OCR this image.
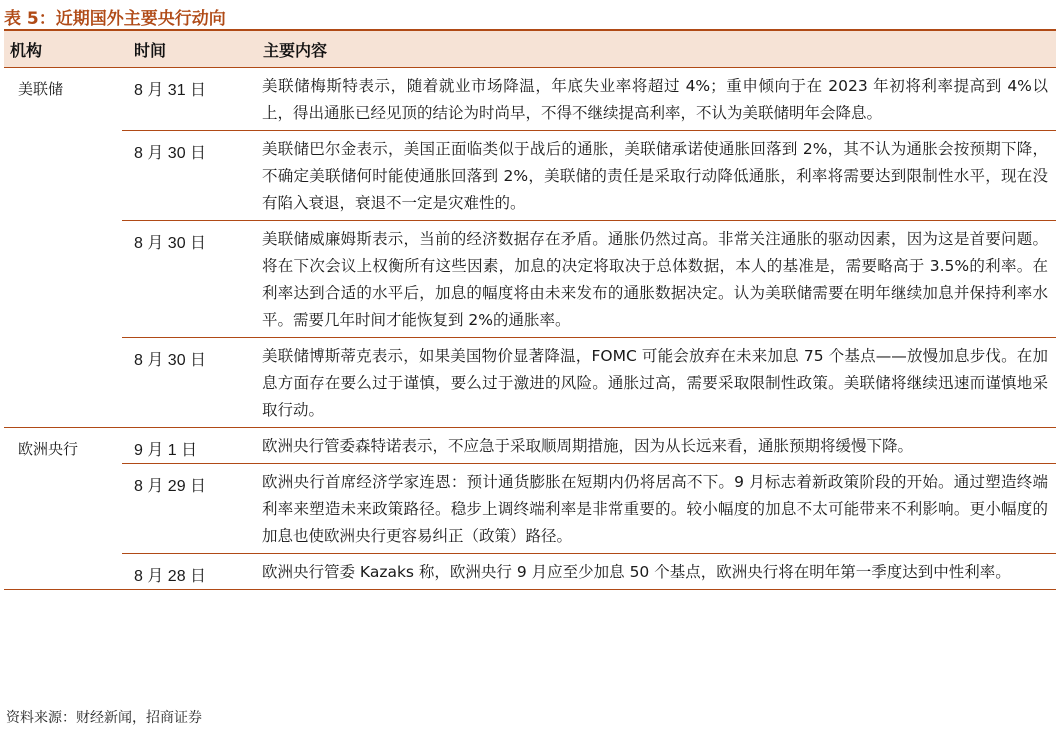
表 5：近期国外主要央行动向
机构	时间	主要内容
美联储	8 月 31 日	美联储梅斯特表示，随着就业市场降温，年底失业率将超过 4%；重申倾向于在 2023 年初将利率提高到 4%以上，得出通胀已经见顶的结论为时尚早，不得不继续提高利率，不认为美联储明年会降息。
8 月 30 日	美联储巴尔金表示，美国正面临类似于战后的通胀，美联储承诺使通胀回落到 2%，其不认为通胀会按预期下降，不确定美联储何时能使通胀回落到 2%，美联储的责任是采取行动降低通胀，利率将需要达到限制性水平，现在没有陷入衰退，衰退不一定是灾难性的。
8 月 30 日	美联储威廉姆斯表示，当前的经济数据存在矛盾。通胀仍然过高。非常关注通胀的驱动因素，因为这是首要问题。将在下次会议上权衡所有这些因素，加息的决定将取决于总体数据，本人的基准是，需要略高于 3.5%的利率。在利率达到合适的水平后，加息的幅度将由未来发布的通胀数据决定。认为美联储需要在明年继续加息并保持利率水平。需要几年时间才能恢复到 2%的通胀率。
8 月 30 日	美联储博斯蒂克表示，如果美国物价显著降温，FOMC 可能会放弃在未来加息 75 个基点——放慢加息步伐。在加息方面存在要么过于谨慎，要么过于激进的风险。通胀过高，需要采取限制性政策。美联储将继续迅速而谨慎地采取行动。
欧洲央行	9 月 1 日	欧洲央行管委森特诺表示，不应急于采取顺周期措施，因为从长远来看，通胀预期将缓慢下降。
8 月 29 日	欧洲央行首席经济学家连恩：预计通货膨胀在短期内仍将居高不下。9 月标志着新政策阶段的开始。通过塑造终端利率来塑造未来政策路径。稳步上调终端利率是非常重要的。较小幅度的加息不太可能带来不利影响。更小幅度的加息也使欧洲央行更容易纠正（政策）路径。
8 月 28 日	欧洲央行管委 Kazaks 称，欧洲央行 9 月应至少加息 50 个基点，欧洲央行将在明年第一季度达到中性利率。
资料来源：财经新闻，招商证券
